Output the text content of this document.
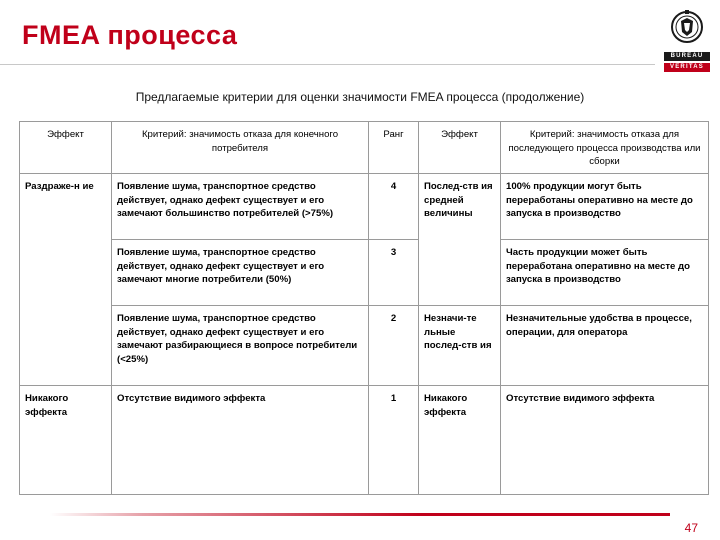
FMEA процесса
BUREAU
VERITAS
Предлагаемые критерии для оценки значимости FMEA процесса (продолжение)
Эффект	Критерий: значимость отказа для конечного потребителя	Ранг	Эффект	Критерий: значимость отказа для последующего процесса производства или сборки
Раздраже-н ие	Появление шума, транспортное средство действует, однако дефект существует и его замечают большинство потребителей (>75%)	4	Послед-ств ия средней величины	100% продукции могут быть переработаны оперативно на месте до запуска в производство
	Появление шума, транспортное средство действует, однако дефект существует и его замечают многие потребители (50%)	3		Часть продукции может быть переработана оперативно на месте до запуска в производство
	Появление шума, транспортное средство действует, однако дефект существует и его замечают разбирающиеся в вопросе потребители (<25%)	2	Незначи-те льные послед-ств ия	Незначительные удобства в процессе, операции, для оператора
Никакого эффекта	Отсутствие видимого эффекта	1	Никакого эффекта	Отсутствие видимого эффекта
47
